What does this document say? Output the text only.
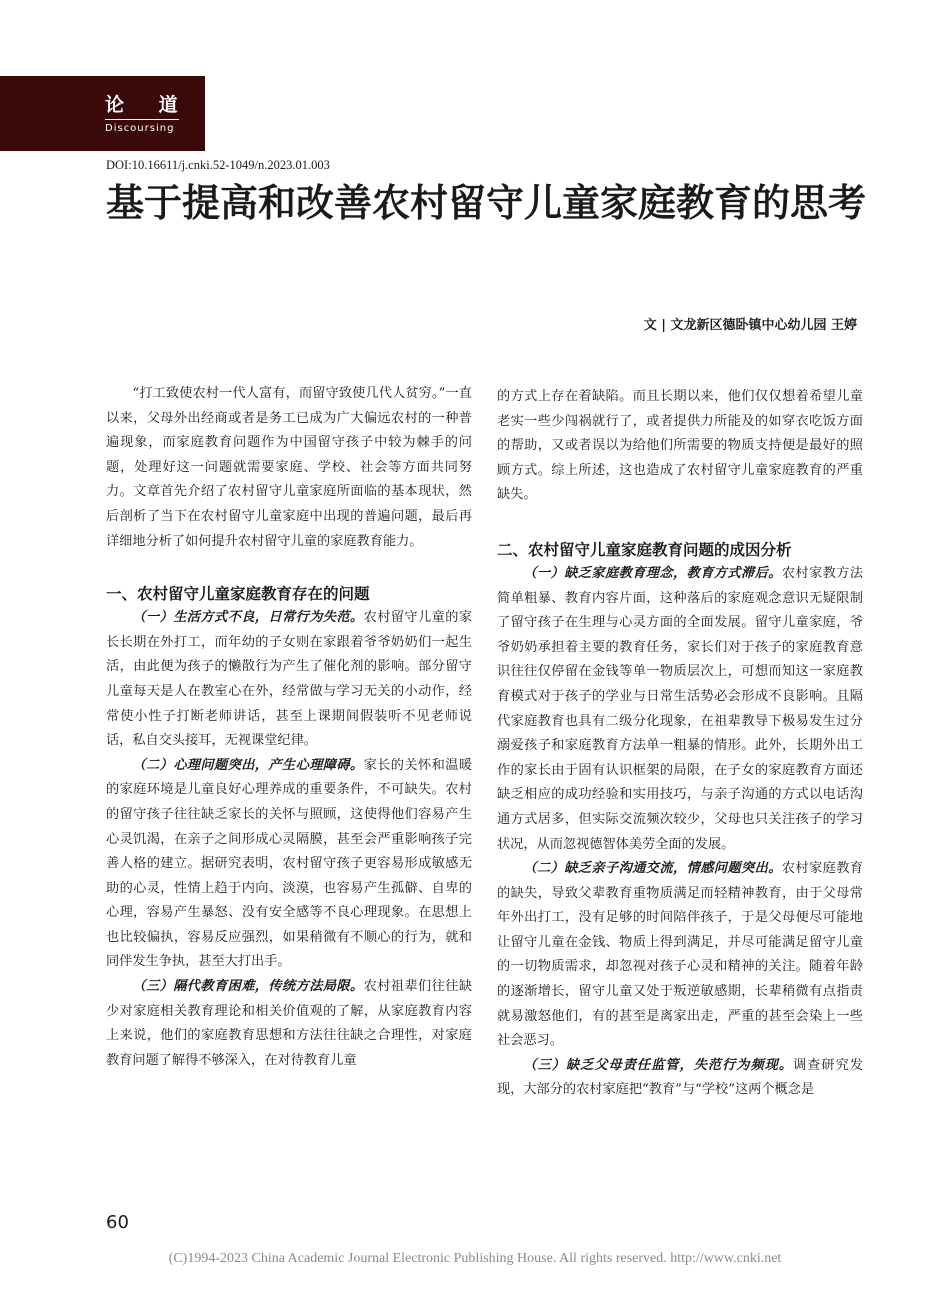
论 道
Discoursing
DOI:10.16611/j.cnki.52-1049/n.2023.01.003
基于提高和改善农村留守儿童家庭教育的思考
文 | 文龙新区德卧镇中心幼儿园 王婷

“打工致使农村一代人富有，而留守致使几代人贫穷。”一直以来，父母外出经商或者是务工已成为广大偏远农村的一种普遍现象，而家庭教育问题作为中国留守孩子中较为棘手的问题，处理好这一问题就需要家庭、学校、社会等方面共同努力。文章首先介绍了农村留守儿童家庭所面临的基本现状，然后剖析了当下在农村留守儿童家庭中出现的普遍问题，最后再详细地分析了如何提升农村留守儿童的家庭教育能力。

一、农村留守儿童家庭教育存在的问题

（一）生活方式不良，日常行为失范。农村留守儿童的家长长期在外打工，而年幼的子女则在家跟着爷爷奶奶们一起生活，由此便为孩子的懒散行为产生了催化剂的影响。部分留守儿童每天是人在教室心在外，经常做与学习无关的小动作，经常使小性子打断老师讲话，甚至上课期间假装听不见老师说话，私自交头接耳，无视课堂纪律。

（二）心理问题突出，产生心理障碍。家长的关怀和温暖的家庭环境是儿童良好心理养成的重要条件，不可缺失。农村的留守孩子往往缺乏家长的关怀与照顾，这使得他们容易产生心灵饥渴，在亲子之间形成心灵隔膜，甚至会严重影响孩子完善人格的建立。据研究表明，农村留守孩子更容易形成敏感无助的心灵，性情上趋于内向、淡漠，也容易产生孤僻、自卑的心理，容易产生暴怒、没有安全感等不良心理现象。在思想上也比较偏执，容易反应强烈，如果稍微有不顺心的行为，就和同伴发生争执，甚至大打出手。

（三）隔代教育困难，传统方法局限。农村祖辈们往往缺少对家庭相关教育理论和相关价值观的了解，从家庭教育内容上来说，他们的家庭教育思想和方法往往缺之合理性，对家庭教育问题了解得不够深入，在对待教育儿童

的方式上存在着缺陷。而且长期以来，他们仅仅想着希望儿童老实一些少闯祸就行了，或者提供力所能及的如穿衣吃饭方面的帮助，又或者误以为给他们所需要的物质支持便是最好的照顾方式。综上所述，这也造成了农村留守儿童家庭教育的严重缺失。

二、农村留守儿童家庭教育问题的成因分析

（一）缺乏家庭教育理念，教育方式滞后。农村家教方法简单粗暴、教育内容片面，这种落后的家庭观念意识无疑限制了留守孩子在生理与心灵方面的全面发展。留守儿童家庭，爷爷奶奶承担着主要的教育任务，家长们对于孩子的家庭教育意识往往仅停留在金钱等单一物质层次上，可想而知这一家庭教育模式对于孩子的学业与日常生活势必会形成不良影响。且隔代家庭教育也具有二级分化现象，在祖辈教导下极易发生过分溺爱孩子和家庭教育方法单一粗暴的情形。此外，长期外出工作的家长由于固有认识框架的局限，在子女的家庭教育方面还缺乏相应的成功经验和实用技巧，与亲子沟通的方式以电话沟通方式居多，但实际交流频次较少，父母也只关注孩子的学习状况，从而忽视德智体美劳全面的发展。

（二）缺乏亲子沟通交流，情感问题突出。农村家庭教育的缺失，导致父辈教育重物质满足而轻精神教育，由于父母常年外出打工，没有足够的时间陪伴孩子，于是父母便尽可能地让留守儿童在金钱、物质上得到满足，并尽可能满足留守儿童的一切物质需求，却忽视对孩子心灵和精神的关注。随着年龄的逐渐增长，留守儿童又处于叛逆敏感期，长辈稍微有点指责就易激怒他们，有的甚至是离家出走，严重的甚至会染上一些社会恶习。

（三）缺乏父母责任监管，失范行为频现。调查研究发现，大部分的农村家庭把“教育”与“学校”这两个概念是

60
(C)1994-2023 China Academic Journal Electronic Publishing House. All rights reserved. http://www.cnki.net
